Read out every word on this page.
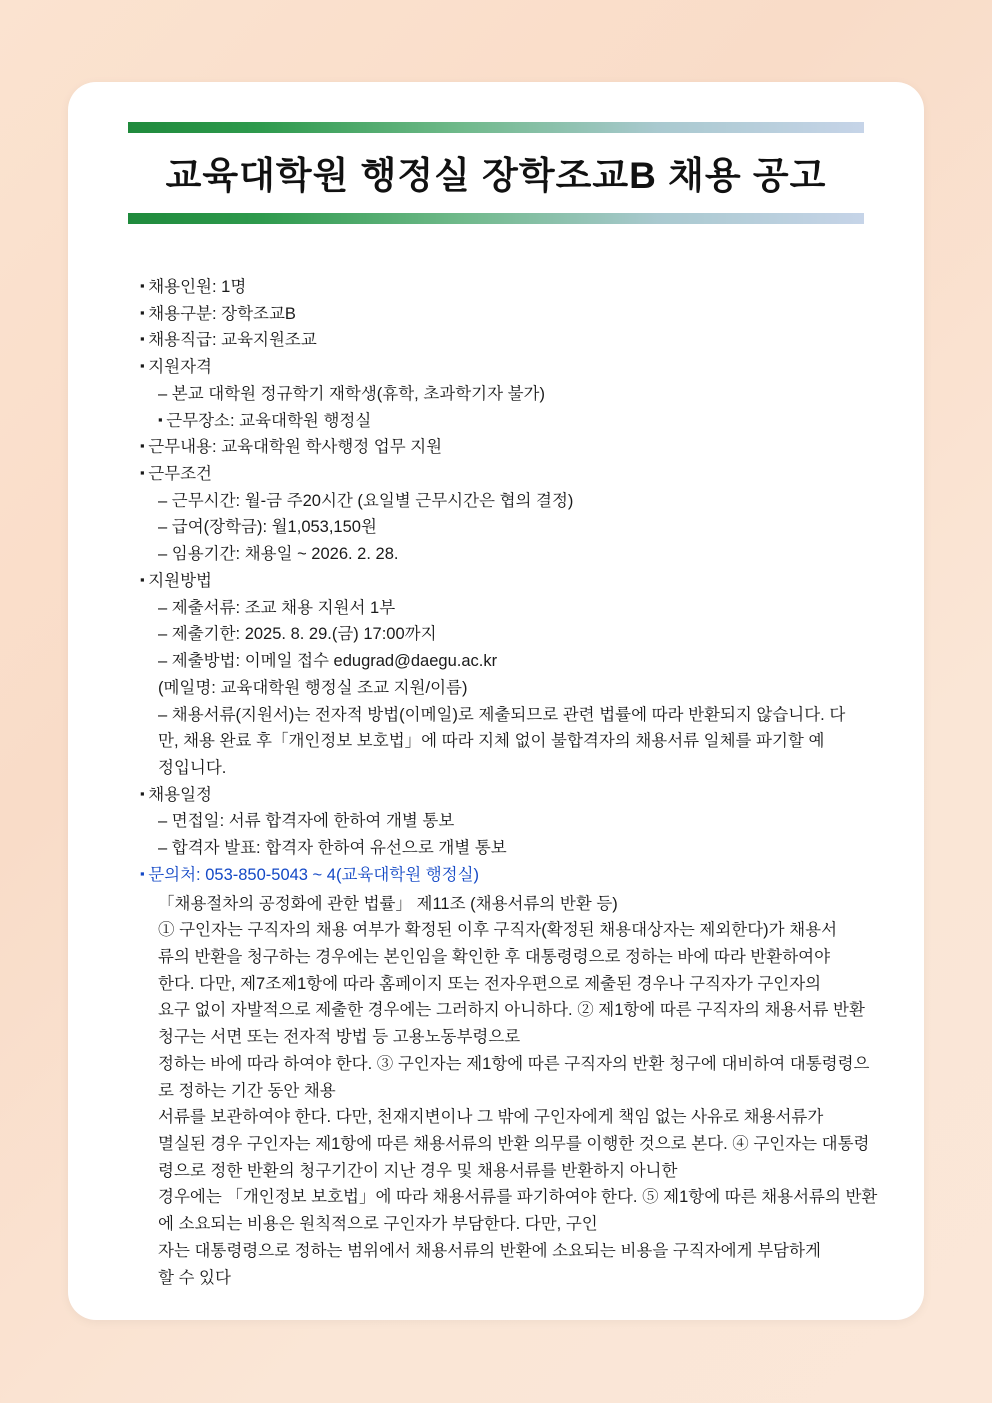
교육대학원 행정실 장학조교B 채용 공고
▪ 채용인원: 1명
▪ 채용구분: 장학조교B
▪ 채용직급: 교육지원조교
▪ 지원자격
– 본교 대학원 정규학기 재학생(휴학, 초과학기자 불가)
▪ 근무장소: 교육대학원 행정실
▪ 근무내용: 교육대학원 학사행정 업무 지원
▪ 근무조건
– 근무시간: 월-금 주20시간 (요일별 근무시간은 협의 결정)
– 급여(장학금): 월1,053,150원
– 임용기간: 채용일 ~ 2026. 2. 28.
▪ 지원방법
– 제출서류: 조교 채용 지원서 1부
– 제출기한: 2025. 8. 29.(금) 17:00까지
– 제출방법: 이메일 접수 edugrad@daegu.ac.kr
(메일명: 교육대학원 행정실 조교 지원/이름)
– 채용서류(지원서)는 전자적 방법(이메일)로 제출되므로 관련 법률에 따라 반환되지 않습니다. 다
만, 채용 완료 후「개인정보 보호법」에 따라 지체 없이 불합격자의 채용서류 일체를 파기할 예
정입니다.
▪ 채용일정
– 면접일: 서류 합격자에 한하여 개별 통보
– 합격자 발표: 합격자 한하여 유선으로 개별 통보
▪ 문의처: 053-850-5043 ~ 4(교육대학원 행정실)
「채용절차의 공정화에 관한 법률」 제11조 (채용서류의 반환 등)
① 구인자는 구직자의 채용 여부가 확정된 이후 구직자(확정된 채용대상자는 제외한다)가 채용서
류의 반환을 청구하는 경우에는 본인임을 확인한 후 대통령령으로 정하는 바에 따라 반환하여야
한다. 다만, 제7조제1항에 따라 홈페이지 또는 전자우편으로 제출된 경우나 구직자가 구인자의
요구 없이 자발적으로 제출한 경우에는 그러하지 아니하다. ② 제1항에 따른 구직자의 채용서류 반환
청구는 서면 또는 전자적 방법 등 고용노동부령으로
정하는 바에 따라 하여야 한다. ③ 구인자는 제1항에 따른 구직자의 반환 청구에 대비하여 대통령령으
로 정하는 기간 동안 채용
서류를 보관하여야 한다. 다만, 천재지변이나 그 밖에 구인자에게 책임 없는 사유로 채용서류가
멸실된 경우 구인자는 제1항에 따른 채용서류의 반환 의무를 이행한 것으로 본다. ④ 구인자는 대통령
령으로 정한 반환의 청구기간이 지난 경우 및 채용서류를 반환하지 아니한
경우에는 「개인정보 보호법」에 따라 채용서류를 파기하여야 한다. ⑤ 제1항에 따른 채용서류의 반환
에 소요되는 비용은 원칙적으로 구인자가 부담한다. 다만, 구인
자는 대통령령으로 정하는 범위에서 채용서류의 반환에 소요되는 비용을 구직자에게 부담하게
할 수 있다
